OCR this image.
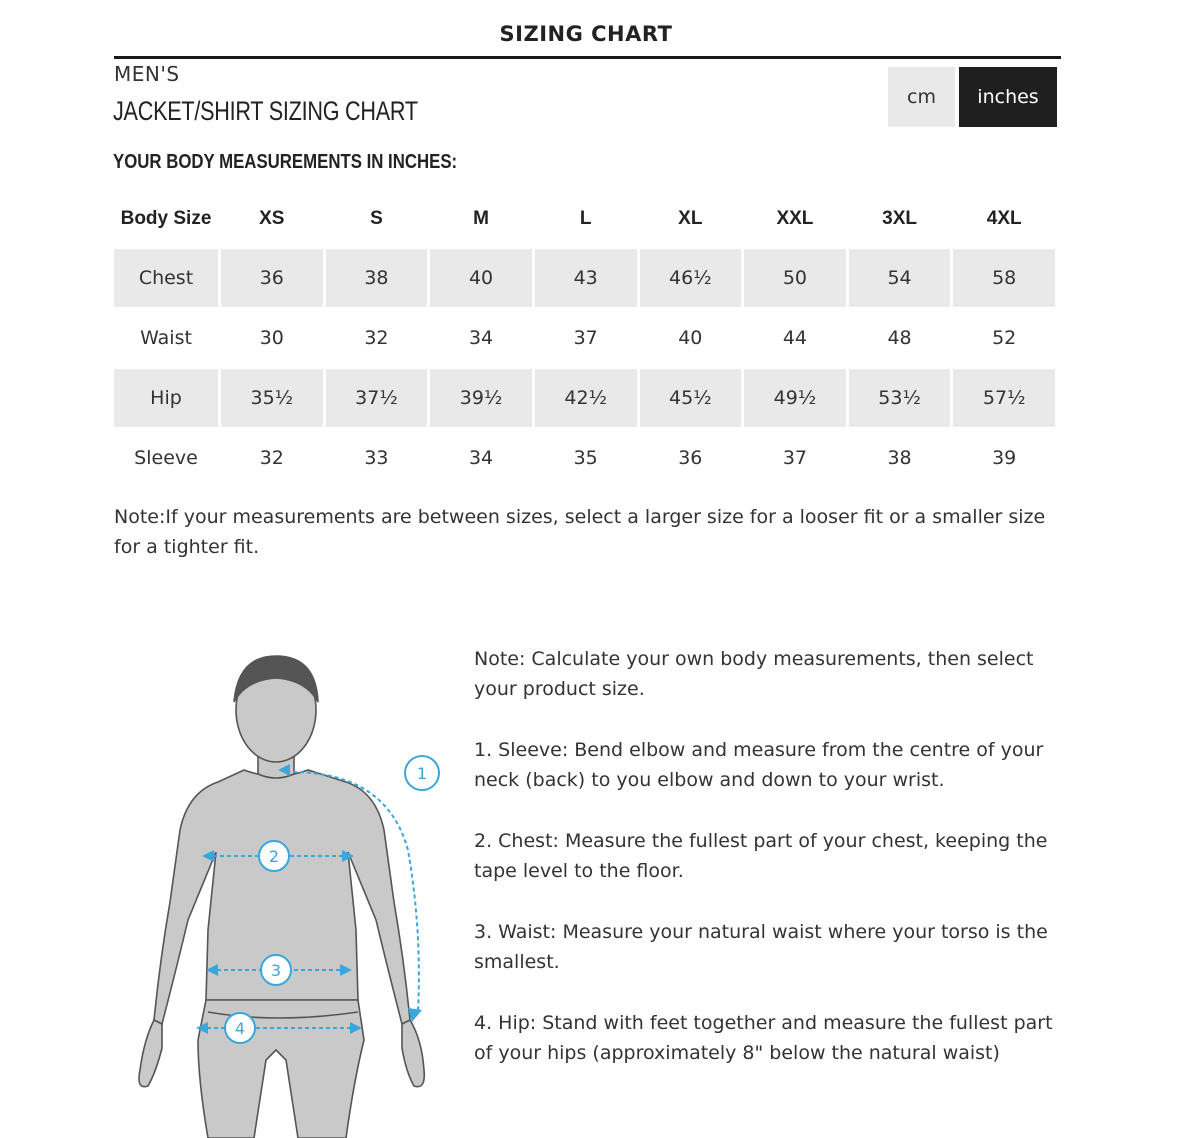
SIZING CHART
MEN'S
JACKET/SHIRT SIZING CHART
YOUR BODY MEASUREMENTS IN INCHES:
cm	inches
Body Size	XS	S	M	L	XL	XXL	3XL	4XL
Chest	36	38	40	43	46½	50	54	58
Waist	30	32	34	37	40	44	48	52
Hip	35½	37½	39½	42½	45½	49½	53½	57½
Sleeve	32	33	34	35	36	37	38	39
Note:If your measurements are between sizes, select a larger size for a looser fit or a smaller size for a tighter fit.
1
2
3
4

Note: Calculate your own body measurements, then select your product size.

1. Sleeve: Bend elbow and measure from the centre of your neck (back) to you elbow and down to your wrist.

2. Chest: Measure the fullest part of your chest, keeping the tape level to the floor.

3. Waist: Measure your natural waist where your torso is the smallest.

4. Hip: Stand with feet together and measure the fullest part of your hips (approximately 8" below the natural waist)
